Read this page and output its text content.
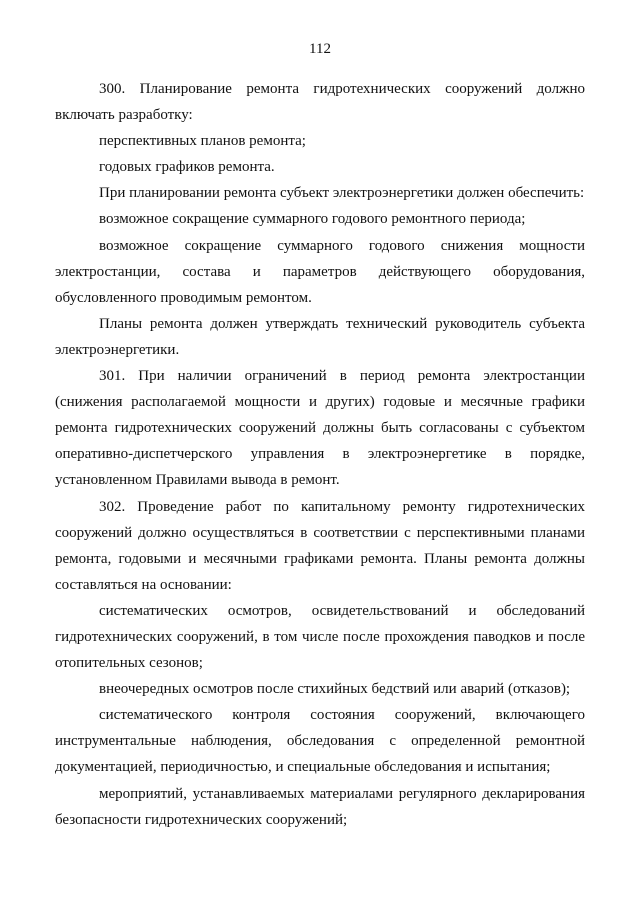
112

300. Планирование ремонта гидротехнических сооружений должно включать разработку:

перспективных планов ремонта;

годовых графиков ремонта.

При планировании ремонта субъект электроэнергетики должен обеспечить:

возможное сокращение суммарного годового ремонтного периода;

возможное сокращение суммарного годового снижения мощности электростанции, состава и параметров действующего оборудования, обусловленного проводимым ремонтом.

Планы ремонта должен утверждать технический руководитель субъекта электроэнергетики.

301. При наличии ограничений в период ремонта электростанции (снижения располагаемой мощности и других) годовые и месячные графики ремонта гидротехнических сооружений должны быть согласованы с субъектом оперативно-диспетчерского управления в электроэнергетике в порядке, установленном Правилами вывода в ремонт.

302. Проведение работ по капитальному ремонту гидротехнических сооружений должно осуществляться в соответствии с перспективными планами ремонта, годовыми и месячными графиками ремонта. Планы ремонта должны составляться на основании:

систематических осмотров, освидетельствований и обследований гидротехнических сооружений, в том числе после прохождения паводков и после отопительных сезонов;

внеочередных осмотров после стихийных бедствий или аварий (отказов);

систематического контроля состояния сооружений, включающего инструментальные наблюдения, обследования с определенной ремонтной документацией, периодичностью, и специальные обследования и испытания;

мероприятий, устанавливаемых материалами регулярного декларирования безопасности гидротехнических сооружений;
